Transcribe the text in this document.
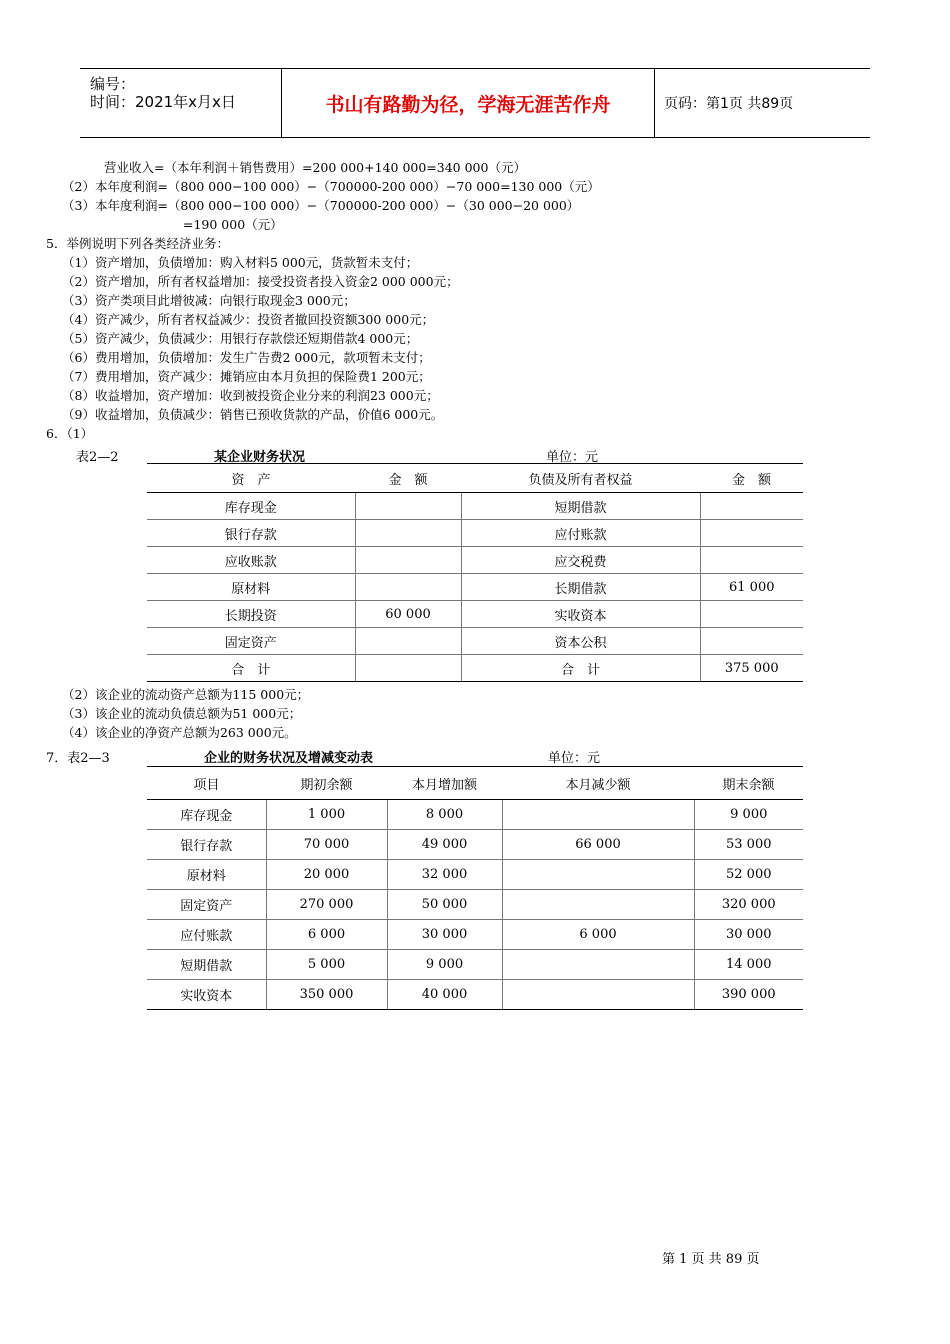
编号：
时间：2021年x月x日	书山有路勤为径，学海无涯苦作舟	页码：第1页 共89页
营业收入=（本年利润＋销售费用）=200 000+140 000=340 000（元）
（2）本年度利润=（800 000−100 000）−（700000-200 000）−70 000=130 000（元）
（3）本年度利润=（800 000−100 000）−（700000-200 000）−（30 000−20 000）
=190 000（元）
5．举例说明下列各类经济业务：
（1）资产增加，负债增加：购入材料5 000元，货款暂未支付；
（2）资产增加，所有者权益增加：接受投资者投入资金2 000 000元；
（3）资产类项目此增彼减：向银行取现金3 000元；
（4）资产减少，所有者权益减少：投资者撤回投资额300 000元；
（5）资产减少，负债减少：用银行存款偿还短期借款4 000元；
（6）费用增加，负债增加：发生广告费2 000元，款项暂未支付；
（7）费用增加，资产减少：摊销应由本月负担的保险费1 200元；
（8）收益增加，资产增加：收到被投资企业分来的利润23 000元；
（9）收益增加，负债减少：销售已预收货款的产品，价值6 000元。
6．（1）
表2—2	某企业财务状况	单位：元
资　产	金　额	负债及所有者权益	金　额
库存现金		短期借款	
银行存款		应付账款	
应收账款		应交税费	
原材料		长期借款	61 000
长期投资	60 000	实收资本	
固定资产		资本公积	
合　计		合　计	375 000
（2）该企业的流动资产总额为115 000元；
（3）该企业的流动负债总额为51 000元；
（4）该企业的净资产总额为263 000元。
7．表2—3	企业的财务状况及增减变动表	单位：元
项目	期初余额	本月增加额	本月减少额	期末余额
库存现金	1 000	8 000		9 000
银行存款	70 000	49 000	66 000	53 000
原材料	20 000	32 000		52 000
固定资产	270 000	50 000		320 000
应付账款	6 000	30 000	6 000	30 000
短期借款	5 000	9 000		14 000
实收资本	350 000	40 000		390 000
第 1 页 共 89 页
